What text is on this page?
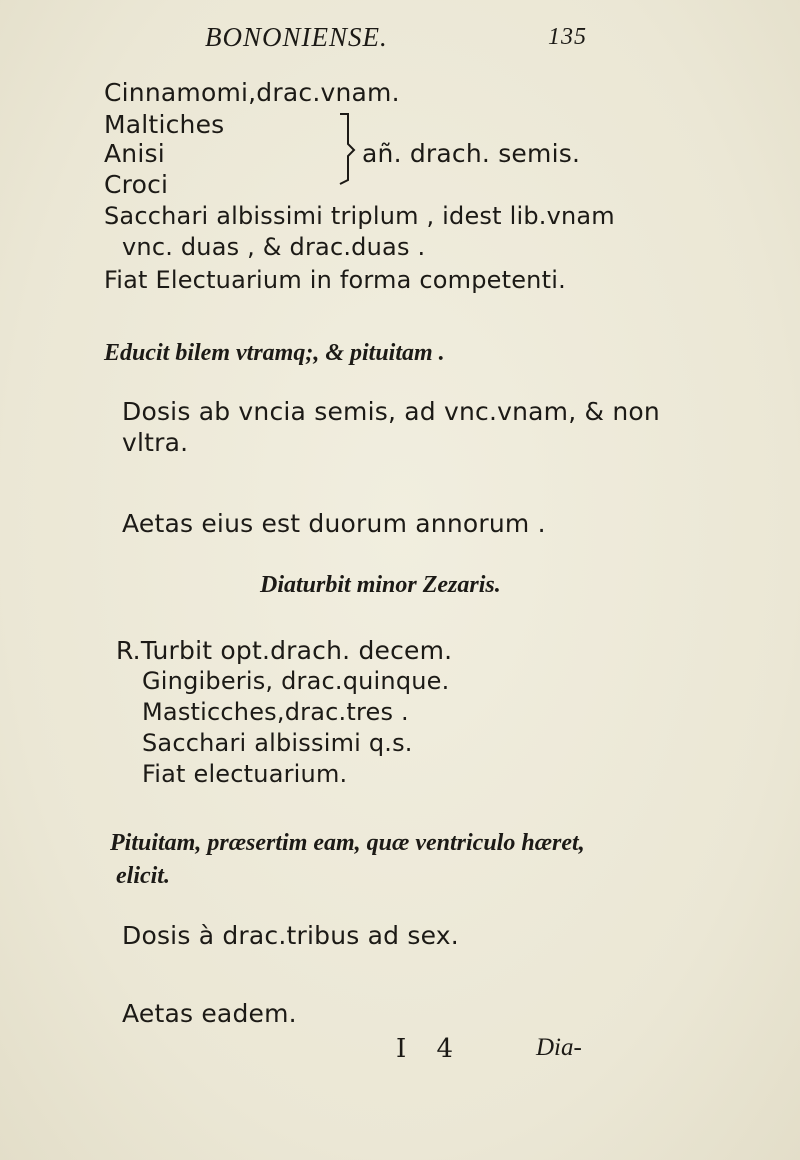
BONONIENSE.	135
Cinnamomi,drac.vnam.
Maltiches
Anisi
Croci
añ. drach. semis.
Sacchari albissimi triplum , idest lib.vnam
vnc. duas , & drac.duas .
Fiat Electuarium in forma competenti.
Educit bilem vtramq;, & pituitam .
Dosis ab vncia semis, ad vnc.vnam, & non
vltra.
Aetas eius est duorum annorum .
Diaturbit minor Zezaris.
R.Turbit opt.drach. decem.
Gingiberis, drac.quinque.
Masticches,drac.tres .
Sacchari albissimi q.s.
Fiat electuarium.
Pituitam, præsertim eam, quæ ventriculo hæret,
elicit.
Dosis à drac.tribus ad sex.
Aetas eadem.
I 4	Dia-
